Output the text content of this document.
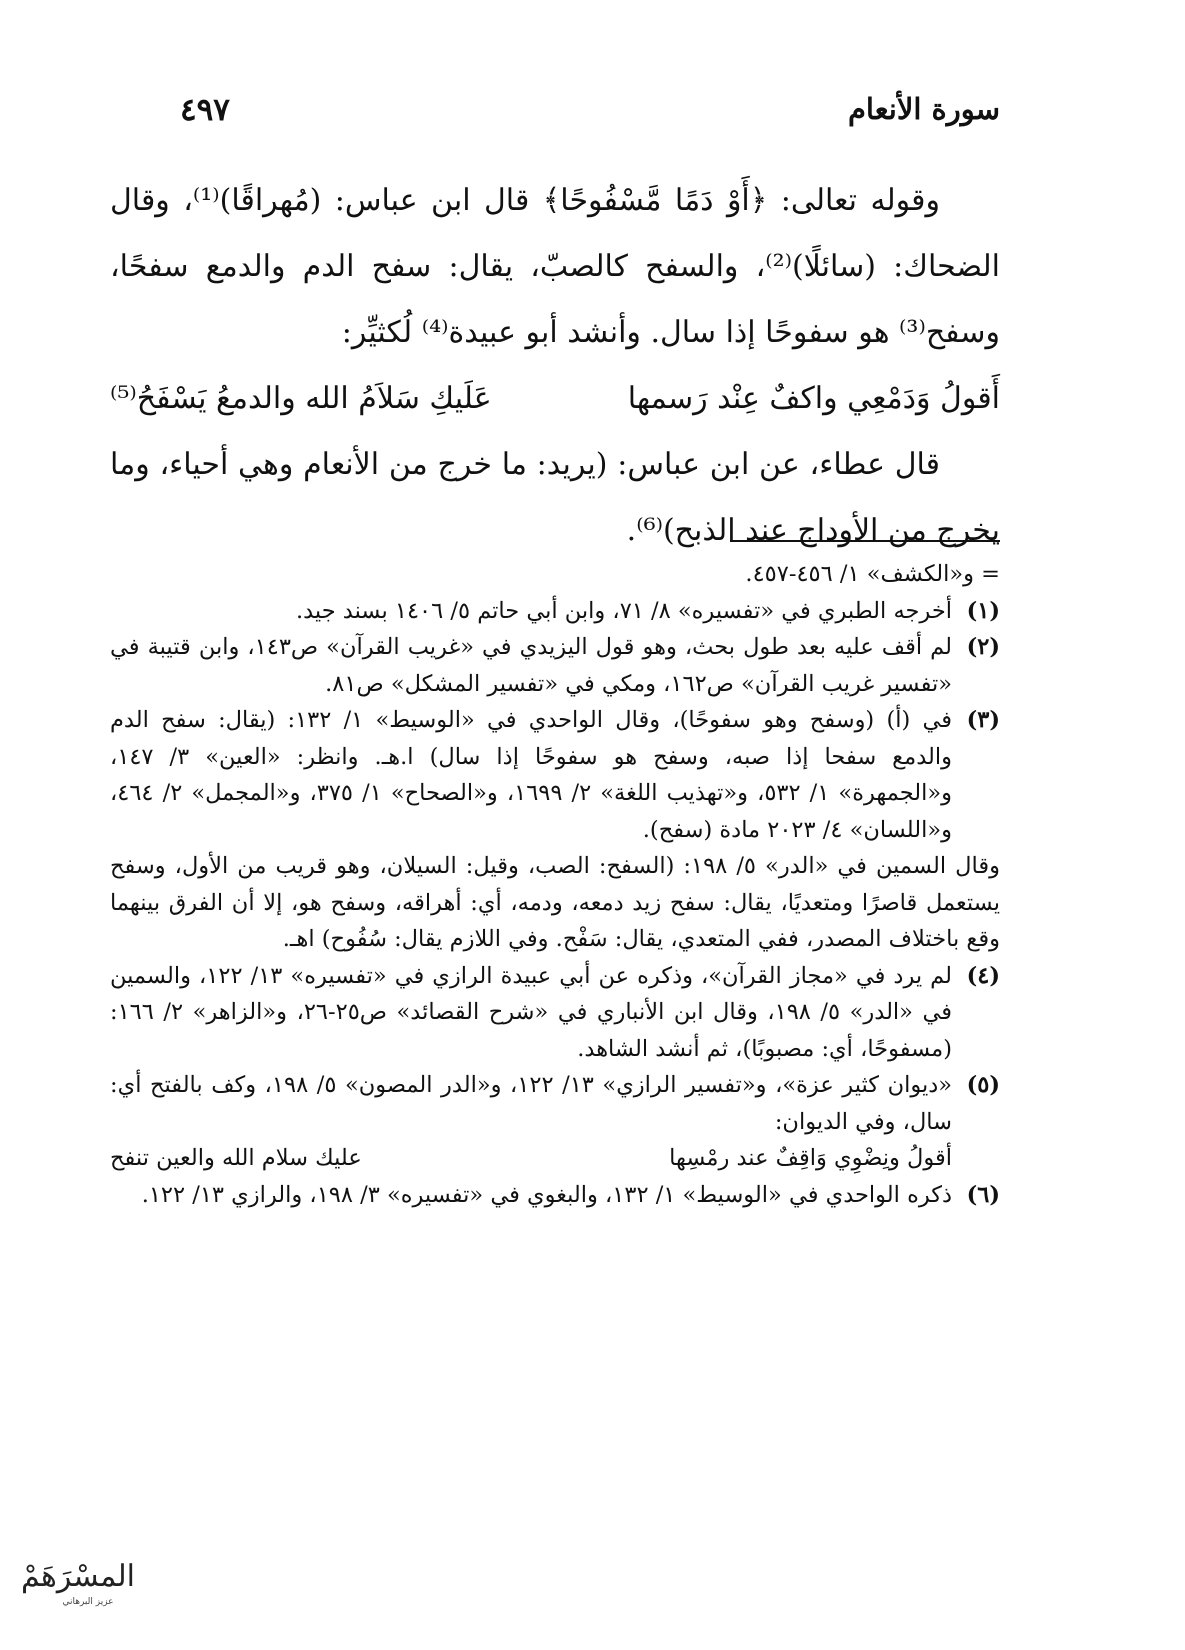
سورة الأنعام
٤٩٧

وقوله تعالى: ﴿أَوْ دَمًا مَّسْفُوحًا﴾ قال ابن عباس: (مُهراقًا)⁽¹⁾، وقال الضحاك: (سائلًا)⁽²⁾، والسفح كالصبّ، يقال: سفح الدم والدمع سفحًا، وسفح⁽³⁾ هو سفوحًا إذا سال. وأنشد أبو عبيدة⁽⁴⁾ لُكثيِّر:

أَقولُ وَدَمْعِي واكفٌ عِنْد رَسمها
عَلَيكِ سَلاَمُ الله والدمعُ يَسْفَحُ⁽⁵⁾

قال عطاء، عن ابن عباس: (يريد: ما خرج من الأنعام وهي أحياء، وما يخرج من الأوداج عند الذبح)⁽⁶⁾.

= و«الكشف» ١/ ٤٥٦-٤٥٧.

(١)
أخرجه الطبري في «تفسيره» ٨/ ٧١، وابن أبي حاتم ٥/ ١٤٠٦ بسند جيد.
(٢)
لم أقف عليه بعد طول بحث، وهو قول اليزيدي في «غريب القرآن» ص١٤٣، وابن قتيبة في «تفسير غريب القرآن» ص١٦٢، ومكي في «تفسير المشكل» ص٨١.
(٣)
في (أ) (وسفح وهو سفوحًا)، وقال الواحدي في «الوسيط» ١/ ١٣٢: (يقال: سفح الدم والدمع سفحا إذا صبه، وسفح هو سفوحًا إذا سال) ا.هـ. وانظر: «العين» ٣/ ١٤٧، و«الجمهرة» ١/ ٥٣٢، و«تهذيب اللغة» ٢/ ١٦٩٩، و«الصحاح» ١/ ٣٧٥، و«المجمل» ٢/ ٤٦٤، و«اللسان» ٤/ ٢٠٢٣ مادة (سفح).

وقال السمين في «الدر» ٥/ ١٩٨: (السفح: الصب، وقيل: السيلان، وهو قريب من الأول، وسفح يستعمل قاصرًا ومتعديًا، يقال: سفح زيد دمعه، ودمه، أي: أهراقه، وسفح هو، إلا أن الفرق بينهما وقع باختلاف المصدر، ففي المتعدي، يقال: سَفْح. وفي اللازم يقال: سُفُوح) اهـ.

(٤)
لم يرد في «مجاز القرآن»، وذكره عن أبي عبيدة الرازي في «تفسيره» ١٣/ ١٢٢، والسمين في «الدر» ٥/ ١٩٨، وقال ابن الأنباري في «شرح القصائد» ص٢٥-٢٦، و«الزاهر» ٢/ ١٦٦: (مسفوحًا، أي: مصبوبًا)، ثم أنشد الشاهد.
(٥)
«ديوان كثير عزة»، و«تفسير الرازي» ١٣/ ١٢٢، و«الدر المصون» ٥/ ١٩٨، وكف بالفتح أي: سال، وفي الديوان:
أقولُ ونِضْوِي وَاقِفٌ عند رمْسِها
عليك سلام الله والعين تنفح
(٦)
ذكره الواحدي في «الوسيط» ١/ ١٣٢، والبغوي في «تفسيره» ٣/ ١٩٨، والرازي ١٣/ ١٢٢.
المسْرَهَمْ
عزيز البرهاني
